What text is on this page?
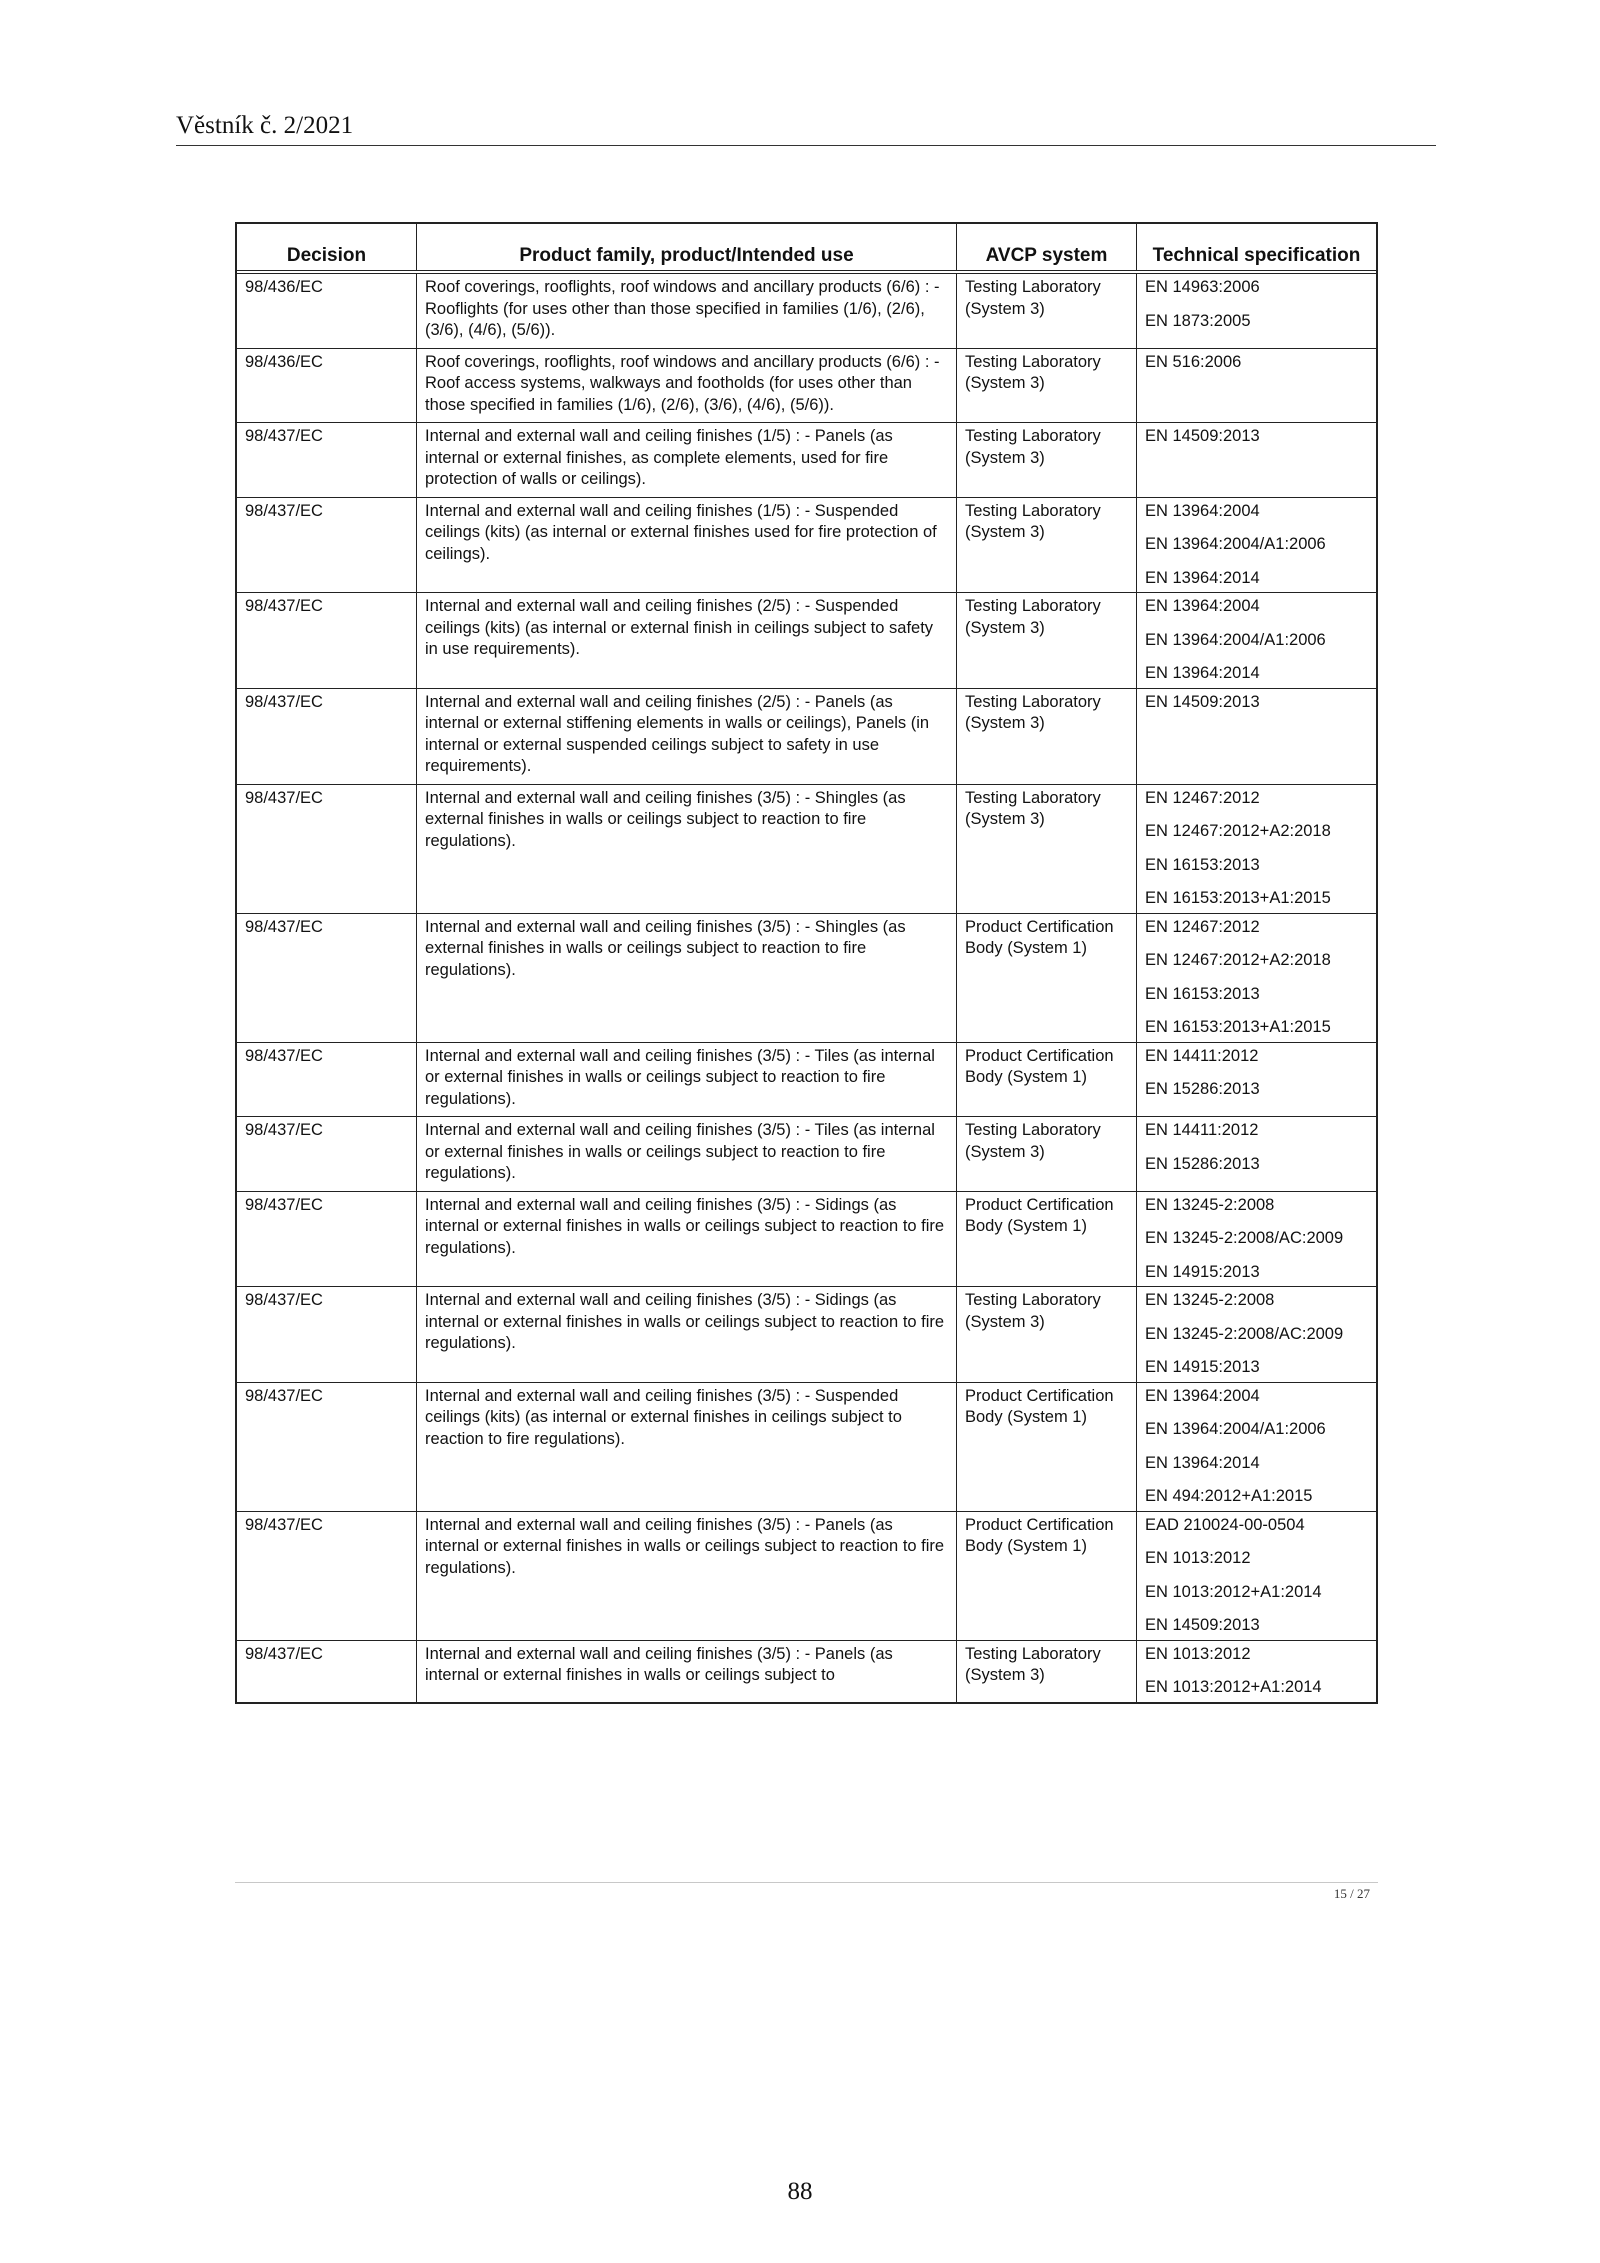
Věstník č. 2/2021
Decision	Product family, product/Intended use	AVCP system	Technical specification
98/436/EC	Roof coverings, rooflights, roof windows and ancillary products (6/6) : - Rooflights (for uses other than those specified in families (1/6), (2/6), (3/6), (4/6), (5/6)).
Testing Laboratory (System 3)
EN 14963:2006
EN 1873:2005
98/436/EC	Roof coverings, rooflights, roof windows and ancillary products (6/6) : - Roof access systems, walkways and footholds (for uses other than those specified in families (1/6), (2/6), (3/6), (4/6), (5/6)).
Testing Laboratory (System 3)
EN 516:2006
98/437/EC	Internal and external wall and ceiling finishes (1/5) : - Panels (as internal or external finishes, as complete elements, used for fire protection of walls or ceilings).
Testing Laboratory (System 3)
EN 14509:2013
98/437/EC	Internal and external wall and ceiling finishes (1/5) : - Suspended ceilings (kits) (as internal or external finishes used for fire protection of ceilings).
Testing Laboratory (System 3)
EN 13964:2004
EN 13964:2004/A1:2006
EN 13964:2014
98/437/EC	Internal and external wall and ceiling finishes (2/5) : - Suspended ceilings (kits) (as internal or external finish in ceilings subject to safety in use requirements).
Testing Laboratory (System 3)
EN 13964:2004
EN 13964:2004/A1:2006
EN 13964:2014
98/437/EC	Internal and external wall and ceiling finishes (2/5) : - Panels (as internal or external stiffening elements in walls or ceilings), Panels (in internal or external suspended ceilings subject to safety in use requirements).
Testing Laboratory (System 3)
EN 14509:2013
98/437/EC	Internal and external wall and ceiling finishes (3/5) : - Shingles (as external finishes in walls or ceilings subject to reaction to fire regulations).
Testing Laboratory (System 3)
EN 12467:2012
EN 12467:2012+A2:2018
EN 16153:2013
EN 16153:2013+A1:2015
98/437/EC	Internal and external wall and ceiling finishes (3/5) : - Shingles (as external finishes in walls or ceilings subject to reaction to fire regulations).
Product Certification Body (System 1)
EN 12467:2012
EN 12467:2012+A2:2018
EN 16153:2013
EN 16153:2013+A1:2015
98/437/EC	Internal and external wall and ceiling finishes (3/5) : - Tiles (as internal or external finishes in walls or ceilings subject to reaction to fire regulations).
Product Certification Body (System 1)
EN 14411:2012
EN 15286:2013
98/437/EC	Internal and external wall and ceiling finishes (3/5) : - Tiles (as internal or external finishes in walls or ceilings subject to reaction to fire regulations).
Testing Laboratory (System 3)
EN 14411:2012
EN 15286:2013
98/437/EC	Internal and external wall and ceiling finishes (3/5) : - Sidings (as internal or external finishes in walls or ceilings subject to reaction to fire regulations).
Product Certification Body (System 1)
EN 13245-2:2008
EN 13245-2:2008/AC:2009
EN 14915:2013
98/437/EC	Internal and external wall and ceiling finishes (3/5) : - Sidings (as internal or external finishes in walls or ceilings subject to reaction to fire regulations).
Testing Laboratory (System 3)
EN 13245-2:2008
EN 13245-2:2008/AC:2009
EN 14915:2013
98/437/EC	Internal and external wall and ceiling finishes (3/5) : - Suspended ceilings (kits) (as internal or external finishes in ceilings subject to reaction to fire regulations).
Product Certification Body (System 1)
EN 13964:2004
EN 13964:2004/A1:2006
EN 13964:2014
EN 494:2012+A1:2015
98/437/EC	Internal and external wall and ceiling finishes (3/5) : - Panels (as internal or external finishes in walls or ceilings subject to reaction to fire regulations).
Product Certification Body (System 1)
EAD 210024-00-0504
EN 1013:2012
EN 1013:2012+A1:2014
EN 14509:2013
98/437/EC	Internal and external wall and ceiling finishes (3/5) : - Panels (as internal or external finishes in walls or ceilings subject to
Testing Laboratory (System 3)
EN 1013:2012
EN 1013:2012+A1:2014
15 / 27
88
